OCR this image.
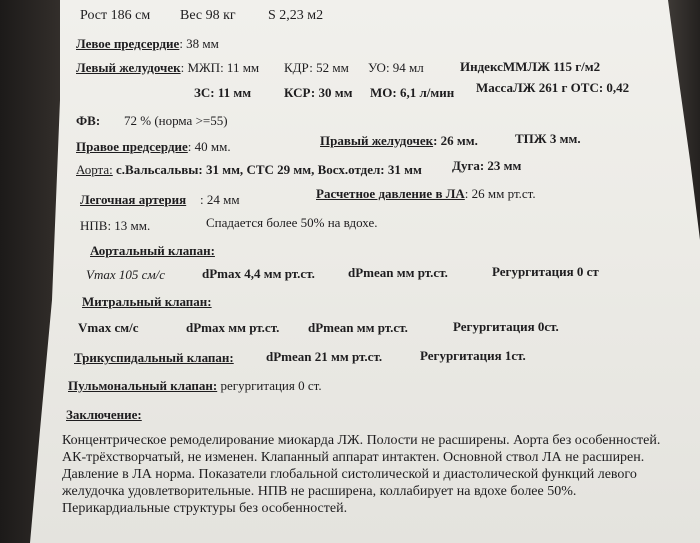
Рост 186 см Вес 98 кг S 2,23 м2
Левое предсердие: 38 мм
Левый желудочек: МЖП: 11 мм КДР: 52 мм УО: 94 мл	ИндексММЛЖ 115 г/м2
ЗС: 11 мм	КСР: 30 мм МО: 6,1 л/мин МассаЛЖ 261 г ОТС: 0,42
ФВ: 72 % (норма >=55)
Правое предсердие: 40 мм.	Правый желудочек: 26 мм.	ТПЖ 3 мм.
Аорта: с.Вальсальвы: 31 мм, СТС 29 мм, Восх.отдел: 31 мм Дуга: 23 мм
Легочная артерия : 24 мм	Расчетное давление в ЛА: 26 мм рт.ст.
НПВ: 13 мм.	Спадается более 50% на вдохе.
Аортальный клапан:
Vmax 105 см/с	dPmax 4,4 мм рт.ст.	dPmean мм рт.ст.	Регургитация 0 ст
Митральный клапан:
Vmax см/с	dPmax мм рт.ст. dPmean мм рт.ст.	Регургитация 0ст.
Трикуспидальный клапан: dPmean 21 мм рт.ст.	Регургитация 1ст.
Пульмональный клапан: регургитация 0 ст.
Заключение:
Концентрическое ремоделирование миокарда ЛЖ. Полости не расширены. Аорта без особенностей.
АК-трёхстворчатый, не изменен. Клапанный аппарат интактен. Основной ствол ЛА не расширен.
Давление в ЛА норма. Показатели глобальной систолической и диастолической функций левого
желудочка удовлетворительные. НПВ не расширена, коллабирует на вдохе более 50%.
Перикардиальные структуры без особенностей.
